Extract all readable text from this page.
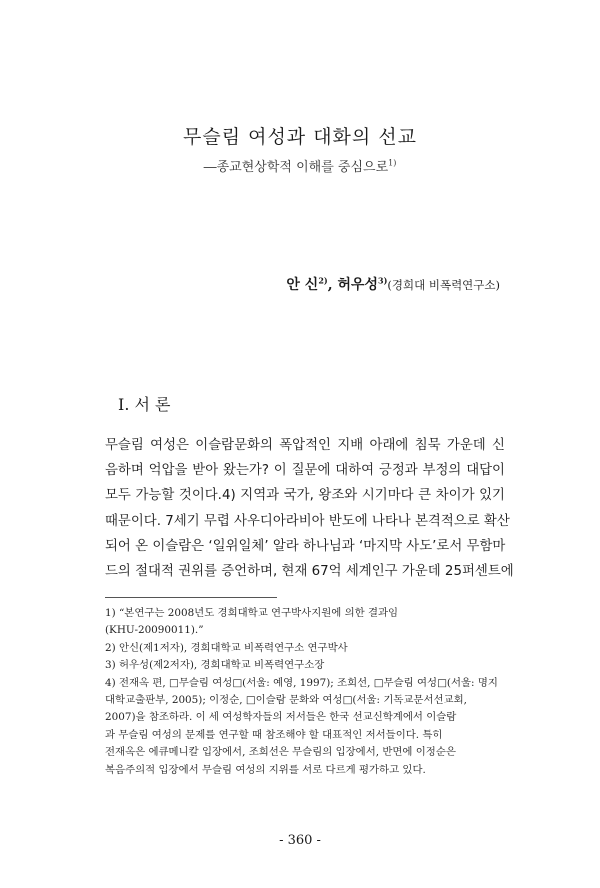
무슬림 여성과 대화의 선교
―종교현상학적 이해를 중심으로$^{1)}$
안 신$^{2)}$, 허우성$^{3)}$(경희대 비폭력연구소)
I. 서 론
무슬림 여성은 이슬람문화의 폭압적인 지배 아래에 침묵 가운데 신
음하며 억압을 받아 왔는가? 이 질문에 대하여 긍정과 부정의 대답이
모두 가능할 것이다.4) 지역과 국가, 왕조와 시기마다 큰 차이가 있기
때문이다. 7세기 무렵 사우디아라비아 반도에 나타나 본격적으로 확산
되어 온 이슬람은 ‘일위일체’ 알라 하나님과 ‘마지막 사도’로서 무함마
드의 절대적 권위를 증언하며, 현재 67억 세계인구 가운데 25퍼센트에
1) “본연구는 2008년도 경희대학교 연구박사지원에 의한 결과임
(KHU-20090011).”
2) 안신(제1저자), 경희대학교 비폭력연구소 연구박사
3) 허우성(제2저자), 경희대학교 비폭력연구소장
4) 전재옥 편, □무슬림 여성□(서울: 예영, 1997); 조희선, □무슬림 여성□(서울: 명지
대학교출판부, 2005); 이정순, □이슬람 문화와 여성□(서울: 기독교문서선교회,
2007)을 참조하라. 이 세 여성학자들의 저서들은 한국 선교신학계에서 이슬람
과 무슬림 여성의 문제를 연구할 때 참조해야 할 대표적인 저서들이다. 특히
전재옥은 에큐메니칼 입장에서, 조희선은 무슬림의 입장에서, 반면에 이정순은
복음주의적 입장에서 무슬림 여성의 지위를 서로 다르게 평가하고 있다.
- 360 -
